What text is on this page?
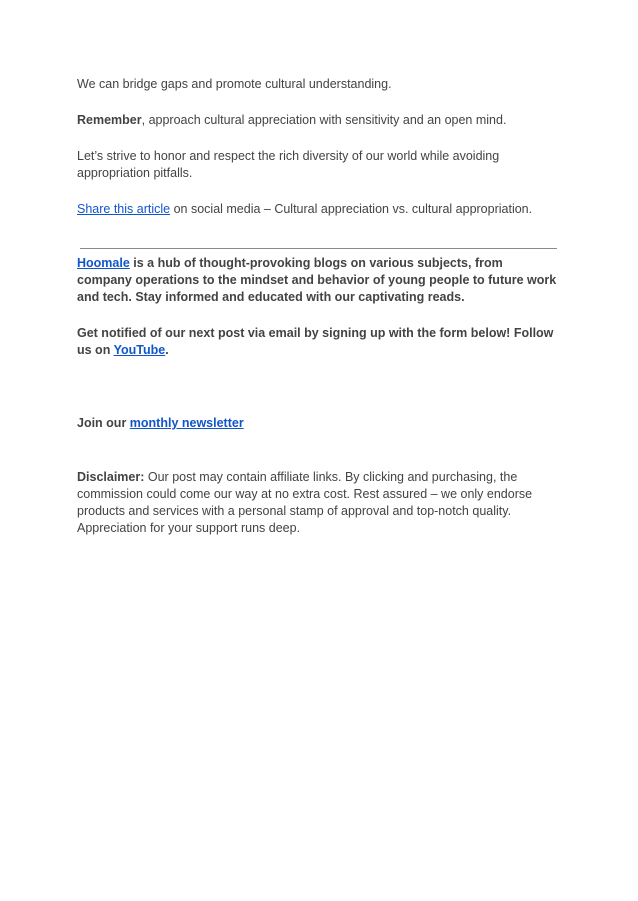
We can bridge gaps and promote cultural understanding.
Remember, approach cultural appreciation with sensitivity and an open mind.
Let’s strive to honor and respect the rich diversity of our world while avoiding appropriation pitfalls.
Share this article on social media – Cultural appreciation vs. cultural appropriation.
Hoomale is a hub of thought-provoking blogs on various subjects, from company operations to the mindset and behavior of young people to future work and tech. Stay informed and educated with our captivating reads.
Get notified of our next post via email by signing up with the form below! Follow us on YouTube.
Join our monthly newsletter
Disclaimer: Our post may contain affiliate links. By clicking and purchasing, the commission could come our way at no extra cost. Rest assured – we only endorse products and services with a personal stamp of approval and top-notch quality. Appreciation for your support runs deep.
